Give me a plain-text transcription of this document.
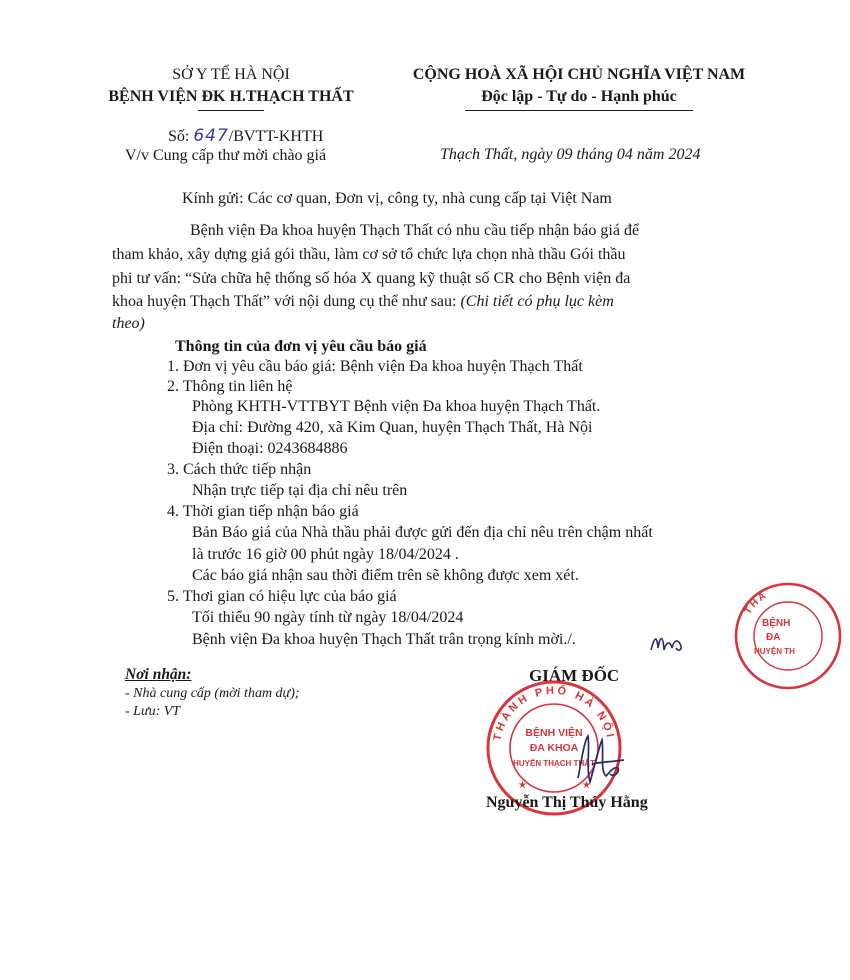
SỞ Y TẾ HÀ NỘI
BỆNH VIỆN ĐK H.THẠCH THẤT
Số: 647/BVTT-KHTH
V/v Cung cấp thư mời chào giá
CỘNG HOÀ XÃ HỘI CHỦ NGHĨA VIỆT NAM
Độc lập - Tự do - Hạnh phúc
Thạch Thất, ngày 09 tháng 04 năm 2024
Kính gửi: Các cơ quan, Đơn vị, công ty, nhà cung cấp tại Việt Nam
Bệnh viện Đa khoa huyện Thạch Thất có nhu cầu tiếp nhận báo giá để
tham khảo, xây dựng giá gói thầu, làm cơ sở tổ chức lựa chọn nhà thầu Gói thầu
phi tư vấn: “Sửa chữa hệ thống số hóa X quang kỹ thuật số CR cho Bệnh viện đa
khoa huyện Thạch Thất” với nội dung cụ thể như sau: (Chi tiết có phụ lục kèm
theo)
Thông tin của đơn vị yêu cầu báo giá
1. Đơn vị yêu cầu báo giá: Bệnh viện Đa khoa huyện Thạch Thất
2. Thông tin liên hệ
Phòng KHTH-VTTBYT Bệnh viện Đa khoa huyện Thạch Thất.
Địa chỉ: Đường 420, xã Kim Quan, huyện Thạch Thất, Hà Nội
Điện thoại: 0243684886
3. Cách thức tiếp nhận
Nhận trực tiếp tại địa chỉ nêu trên
4. Thời gian tiếp nhận báo giá
Bản Báo giá của Nhà thầu phải được gửi đến địa chỉ nêu trên chậm nhất
là trước 16 giờ 00 phút ngày 18/04/2024 .
Các báo giá nhận sau thời điểm trên sẽ không được xem xét.
5. Thơi gian có hiệu lực của báo giá
Tối thiểu 90 ngày tính từ ngày 18/04/2024
Bệnh viện Đa khoa huyện Thạch Thất trân trọng kính mời./.
Nơi nhận:
- Nhà cung cấp (mời tham dự);
- Lưu: VT
GIÁM ĐỐC
THÀNH PHỐ HÀ NỘI
BỆNH VIỆN
ĐA KHOA
HUYỆN THẠCH THẤT
★	★
Nguyễn Thị Thúy Hằng
THÀ
BỆNH
ĐA
HUYỆN TH
